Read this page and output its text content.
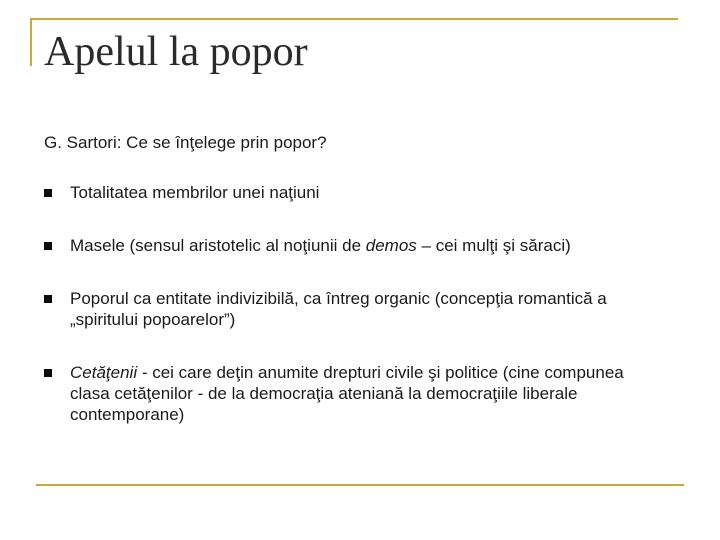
Apelul la popor

G. Sartori: Ce se înţelege prin popor?

Totalitatea membrilor unei naţiuni
Masele (sensul aristotelic al noţiunii de demos – cei mulţi şi săraci)
Poporul ca entitate indivizibilă, ca întreg organic (concepţia romantică a „spiritului popoarelor”)
Cetăţenii - cei care deţin anumite drepturi civile şi politice (cine compunea clasa cetăţenilor - de la democraţia ateniană la democraţiile liberale contemporane)
